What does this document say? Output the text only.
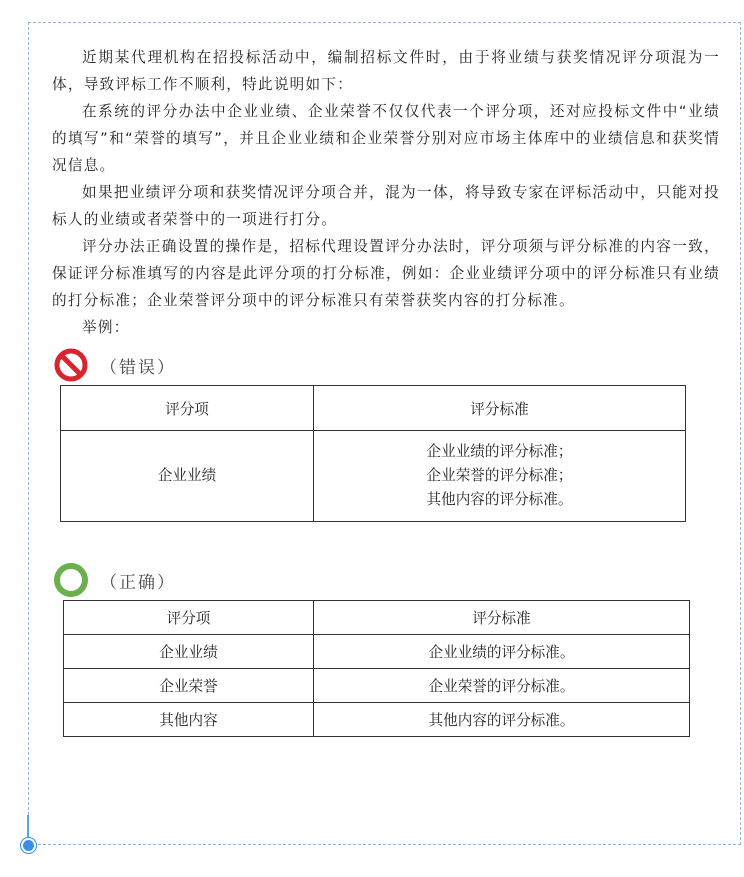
近期某代理机构在招投标活动中，编制招标文件时，由于将业绩与获奖情况评分项混为一体，导致评标工作不顺利，特此说明如下：

在系统的评分办法中企业业绩、企业荣誉不仅仅代表一个评分项，还对应投标文件中“业绩的填写”和“荣誉的填写”，并且企业业绩和企业荣誉分别对应市场主体库中的业绩信息和获奖情况信息。

如果把业绩评分项和获奖情况评分项合并，混为一体，将导致专家在评标活动中，只能对投标人的业绩或者荣誉中的一项进行打分。

评分办法正确设置的操作是，招标代理设置评分办法时，评分项须与评分标准的内容一致，保证评分标准填写的内容是此评分项的打分标准，例如：企业业绩评分项中的评分标准只有业绩的打分标准；企业荣誉评分项中的评分标准只有荣誉获奖内容的打分标准。

举例：

（错误）
评分项	评分标准
企业业绩	企业业绩的评分标准；
企业荣誉的评分标准；
其他内容的评分标准。
（正确）
评分项	评分标准
企业业绩	企业业绩的评分标准。
企业荣誉	企业荣誉的评分标准。
其他内容	其他内容的评分标准。
